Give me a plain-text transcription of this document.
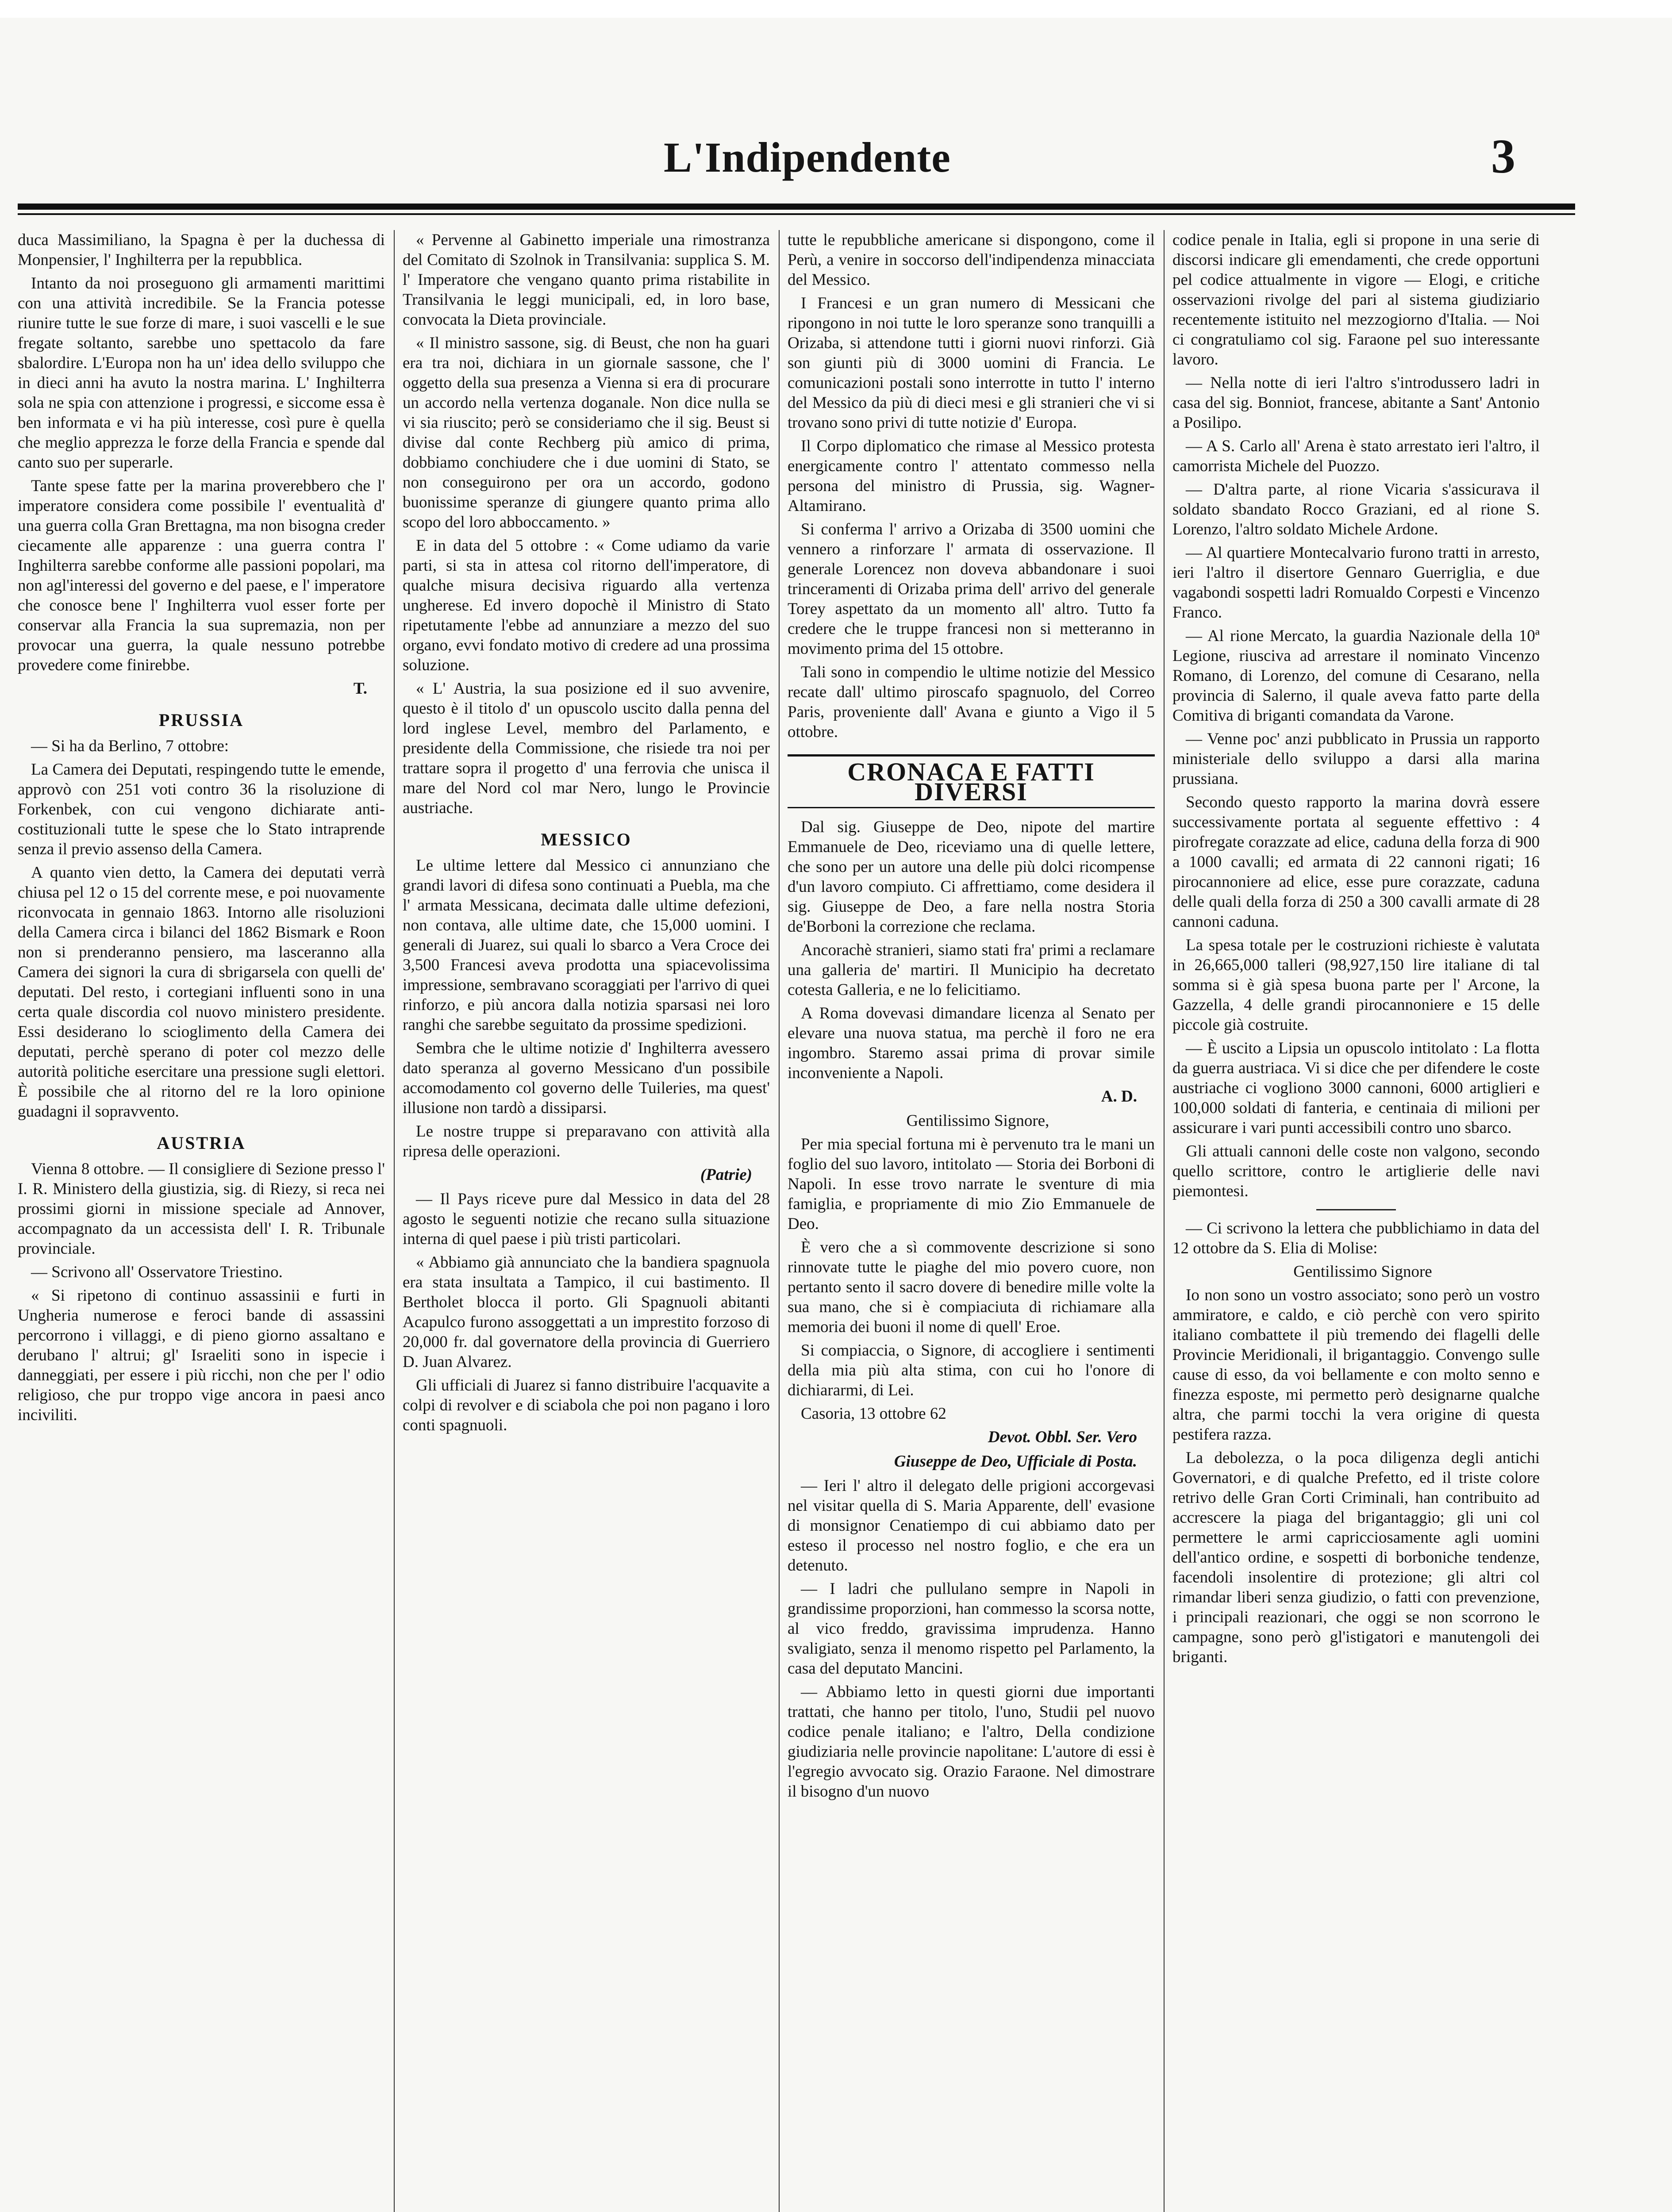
L'Indipendente	3

duca Massimiliano, la Spagna è per la duchessa di Monpensier, l' Inghilterra per la repubblica.

Intanto da noi proseguono gli armamenti marittimi con una attività incredibile. Se la Francia potesse riunire tutte le sue forze di mare, i suoi vascelli e le sue fregate soltanto, sarebbe uno spettacolo da fare sbalordire. L'Europa non ha un' idea dello sviluppo che in dieci anni ha avuto la nostra marina. L' Inghilterra sola ne spia con attenzione i progressi, e siccome essa è ben informata e vi ha più interesse, così pure è quella che meglio apprezza le forze della Francia e spende dal canto suo per superarle.

Tante spese fatte per la marina proverebbero che l' imperatore considera come possibile l' eventualità d' una guerra colla Gran Brettagna, ma non bisogna creder ciecamente alle apparenze : una guerra contra l' Inghilterra sarebbe conforme alle passioni popolari, ma non agl'interessi del governo e del paese, e l' imperatore che conosce bene l' Inghilterra vuol esser forte per conservar alla Francia la sua supremazia, non per provocar una guerra, la quale nessuno potrebbe provedere come finirebbe.

T.
PRUSSIA

— Si ha da Berlino, 7 ottobre:

La Camera dei Deputati, respingendo tutte le emende, approvò con 251 voti contro 36 la risoluzione di Forkenbek, con cui vengono dichiarate anti-costituzionali tutte le spese che lo Stato intraprende senza il previo assenso della Camera.

A quanto vien detto, la Camera dei deputati verrà chiusa pel 12 o 15 del corrente mese, e poi nuovamente riconvocata in gennaio 1863. Intorno alle risoluzioni della Camera circa i bilanci del 1862 Bismark e Roon non si prenderanno pensiero, ma lasceranno alla Camera dei signori la cura di sbrigarsela con quelli de' deputati. Del resto, i cortegiani influenti sono in una certa quale discordia col nuovo ministero presidente. Essi desiderano lo scioglimento della Camera dei deputati, perchè sperano di poter col mezzo delle autorità politiche esercitare una pressione sugli elettori. È possibile che al ritorno del re la loro opinione guadagni il sopravvento.

AUSTRIA

Vienna 8 ottobre. — Il consigliere di Sezione presso l' I. R. Ministero della giustizia, sig. di Riezy, si reca nei prossimi giorni in missione speciale ad Annover, accompagnato da un accessista dell' I. R. Tribunale provinciale.

— Scrivono all' Osservatore Triestino.

« Si ripetono di continuo assassinii e furti in Ungheria numerose e feroci bande di assassini percorrono i villaggi, e di pieno giorno assaltano e derubano l' altrui; gl' Israeliti sono in ispecie i danneggiati, per essere i più ricchi, non che per l' odio religioso, che pur troppo vige ancora in paesi anco inciviliti.

« Pervenne al Gabinetto imperiale una rimostranza del Comitato di Szolnok in Transilvania: supplica S. M. l' Imperatore che vengano quanto prima ristabilite in Transilvania le leggi municipali, ed, in loro base, convocata la Dieta provinciale.

« Il ministro sassone, sig. di Beust, che non ha guari era tra noi, dichiara in un giornale sassone, che l' oggetto della sua presenza a Vienna si era di procurare un accordo nella vertenza doganale. Non dice nulla se vi sia riuscito; però se consideriamo che il sig. Beust si divise dal conte Rechberg più amico di prima, dobbiamo conchiudere che i due uomini di Stato, se non conseguirono per ora un accordo, godono buonissime speranze di giungere quanto prima allo scopo del loro abboccamento. »

E in data del 5 ottobre : « Come udiamo da varie parti, si sta in attesa col ritorno dell'imperatore, di qualche misura decisiva riguardo alla vertenza ungherese. Ed invero dopochè il Ministro di Stato ripetutamente l'ebbe ad annunziare a mezzo del suo organo, evvi fondato motivo di credere ad una prossima soluzione.

« L' Austria, la sua posizione ed il suo avvenire, questo è il titolo d' un opuscolo uscito dalla penna del lord inglese Level, membro del Parlamento, e presidente della Commissione, che risiede tra noi per trattare sopra il progetto d' una ferrovia che unisca il mare del Nord col mar Nero, lungo le Provincie austriache.

MESSICO

Le ultime lettere dal Messico ci annunziano che grandi lavori di difesa sono continuati a Puebla, ma che l' armata Messicana, decimata dalle ultime defezioni, non contava, alle ultime date, che 15,000 uomini. I generali di Juarez, sui quali lo sbarco a Vera Croce dei 3,500 Francesi aveva prodotta una spiacevolissima impressione, sembravano scoraggiati per l'arrivo di quei rinforzo, e più ancora dalla notizia sparsasi nei loro ranghi che sarebbe seguitato da prossime spedizioni.

Sembra che le ultime notizie d' Inghilterra avessero dato speranza al governo Messicano d'un possibile accomodamento col governo delle Tuileries, ma quest' illusione non tardò a dissiparsi.

Le nostre truppe si preparavano con attività alla ripresa delle operazioni.

(Patrie)

— Il Pays riceve pure dal Messico in data del 28 agosto le seguenti notizie che recano sulla situazione interna di quel paese i più tristi particolari.

« Abbiamo già annunciato che la bandiera spagnuola era stata insultata a Tampico, il cui bastimento. Il Bertholet blocca il porto. Gli Spagnuoli abitanti Acapulco furono assoggettati a un imprestito forzoso di 20,000 fr. dal governatore della provincia di Guerriero D. Juan Alvarez.

Gli ufficiali di Juarez si fanno distribuire l'acquavite a colpi di revolver e di sciabola che poi non pagano i loro conti spagnuoli.

tutte le repubbliche americane si dispongono, come il Perù, a venire in soccorso dell'indipendenza minacciata del Messico.

I Francesi e un gran numero di Messicani che ripongono in noi tutte le loro speranze sono tranquilli a Orizaba, si attendone tutti i giorni nuovi rinforzi. Già son giunti più di 3000 uomini di Francia. Le comunicazioni postali sono interrotte in tutto l' interno del Messico da più di dieci mesi e gli stranieri che vi si trovano sono privi di tutte notizie d' Europa.

Il Corpo diplomatico che rimase al Messico protesta energicamente contro l' attentato commesso nella persona del ministro di Prussia, sig. Wagner-Altamirano.

Si conferma l' arrivo a Orizaba di 3500 uomini che vennero a rinforzare l' armata di osservazione. Il generale Lorencez non doveva abbandonare i suoi trinceramenti di Orizaba prima dell' arrivo del generale Torey aspettato da un momento all' altro. Tutto fa credere che le truppe francesi non si metteranno in movimento prima del 15 ottobre.

Tali sono in compendio le ultime notizie del Messico recate dall' ultimo piroscafo spagnuolo, del Correo Paris, proveniente dall' Avana e giunto a Vigo il 5 ottobre.

CRONACA E FATTI DIVERSI

Dal sig. Giuseppe de Deo, nipote del martire Emmanuele de Deo, riceviamo una di quelle lettere, che sono per un autore una delle più dolci ricompense d'un lavoro compiuto. Ci affrettiamo, come desidera il sig. Giuseppe de Deo, a fare nella nostra Storia de'Borboni la correzione che reclama.

Ancorachè stranieri, siamo stati fra' primi a reclamare una galleria de' martiri. Il Municipio ha decretato cotesta Galleria, e ne lo felicitiamo.

A Roma dovevasi dimandare licenza al Senato per elevare una nuova statua, ma perchè il foro ne era ingombro. Staremo assai prima di provar simile inconveniente a Napoli.

A. D.

Gentilissimo Signore,

Per mia special fortuna mi è pervenuto tra le mani un foglio del suo lavoro, intitolato — Storia dei Borboni di Napoli. In esse trovo narrate le sventure di mia famiglia, e propriamente di mio Zio Emmanuele de Deo.

È vero che a sì commovente descrizione si sono rinnovate tutte le piaghe del mio povero cuore, non pertanto sento il sacro dovere di benedire mille volte la sua mano, che si è compiaciuta di richiamare alla memoria dei buoni il nome di quell' Eroe.

Si compiaccia, o Signore, di accogliere i sentimenti della mia più alta stima, con cui ho l'onore di dichiararmi, di Lei.

Casoria, 13 ottobre 62

Devot. Obbl. Ser. Vero
Giuseppe de Deo, Ufficiale di Posta.

— Ieri l' altro il delegato delle prigioni accorgevasi nel visitar quella di S. Maria Apparente, dell' evasione di monsignor Cenatiempo di cui abbiamo dato per esteso il processo nel nostro foglio, e che era un detenuto.

— I ladri che pullulano sempre in Napoli in grandissime proporzioni, han commesso la scorsa notte, al vico freddo, gravissima imprudenza. Hanno svaligiato, senza il menomo rispetto pel Parlamento, la casa del deputato Mancini.

— Abbiamo letto in questi giorni due importanti trattati, che hanno per titolo, l'uno, Studii pel nuovo codice penale italiano; e l'altro, Della condizione giudiziaria nelle provincie napolitane: L'autore di essi è l'egregio avvocato sig. Orazio Faraone. Nel dimostrare il bisogno d'un nuovo

codice penale in Italia, egli si propone in una serie di discorsi indicare gli emendamenti, che crede opportuni pel codice attualmente in vigore — Elogi, e critiche osservazioni rivolge del pari al sistema giudiziario recentemente istituito nel mezzogiorno d'Italia. — Noi ci congratuliamo col sig. Faraone pel suo interessante lavoro.

— Nella notte di ieri l'altro s'introdussero ladri in casa del sig. Bonniot, francese, abitante a Sant' Antonio a Posilipo.

— A S. Carlo all' Arena è stato arrestato ieri l'altro, il camorrista Michele del Puozzo.

— D'altra parte, al rione Vicaria s'assicurava il soldato sbandato Rocco Graziani, ed al rione S. Lorenzo, l'altro soldato Michele Ardone.

— Al quartiere Montecalvario furono tratti in arresto, ieri l'altro il disertore Gennaro Guerriglia, e due vagabondi sospetti ladri Romualdo Corpesti e Vincenzo Franco.

— Al rione Mercato, la guardia Nazionale della 10ª Legione, riusciva ad arrestare il nominato Vincenzo Romano, di Lorenzo, del comune di Cesarano, nella provincia di Salerno, il quale aveva fatto parte della Comitiva di briganti comandata da Varone.

— Venne poc' anzi pubblicato in Prussia un rapporto ministeriale dello sviluppo a darsi alla marina prussiana.

Secondo questo rapporto la marina dovrà essere successivamente portata al seguente effettivo : 4 pirofregate corazzate ad elice, caduna della forza di 900 a 1000 cavalli; ed armata di 22 cannoni rigati; 16 pirocannoniere ad elice, esse pure corazzate, caduna delle quali della forza di 250 a 300 cavalli armate di 28 cannoni caduna.

La spesa totale per le costruzioni richieste è valutata in 26,665,000 talleri (98,927,150 lire italiane di tal somma si è già spesa buona parte per l' Arcone, la Gazzella, 4 delle grandi pirocannoniere e 15 delle piccole già costruite.

— È uscito a Lipsia un opuscolo intitolato : La flotta da guerra austriaca. Vi si dice che per difendere le coste austriache ci vogliono 3000 cannoni, 6000 artiglieri e 100,000 soldati di fanteria, e centinaia di milioni per assicurare i vari punti accessibili contro uno sbarco.

Gli attuali cannoni delle coste non valgono, secondo quello scrittore, contro le artiglierie delle navi piemontesi.

— Ci scrivono la lettera che pubblichiamo in data del 12 ottobre da S. Elia di Molise:

Gentilissimo Signore

Io non sono un vostro associato; sono però un vostro ammiratore, e caldo, e ciò perchè con vero spirito italiano combattete il più tremendo dei flagelli delle Provincie Meridionali, il brigantaggio. Convengo sulle cause di esso, da voi bellamente e con molto senno e finezza esposte, mi permetto però designarne qualche altra, che parmi tocchi la vera origine di questa pestifera razza.

La debolezza, o la poca diligenza degli antichi Governatori, e di qualche Prefetto, ed il triste colore retrivo delle Gran Corti Criminali, han contribuito ad accrescere la piaga del brigantaggio; gli uni col permettere le armi capricciosamente agli uomini dell'antico ordine, e sospetti di borboniche tendenze, facendoli insolentire di protezione; gli altri col rimandar liberi senza giudizio, o fatti con prevenzione, i principali reazionari, che oggi se non scorrono le campagne, sono però gl'istigatori e manutengoli dei briganti.
